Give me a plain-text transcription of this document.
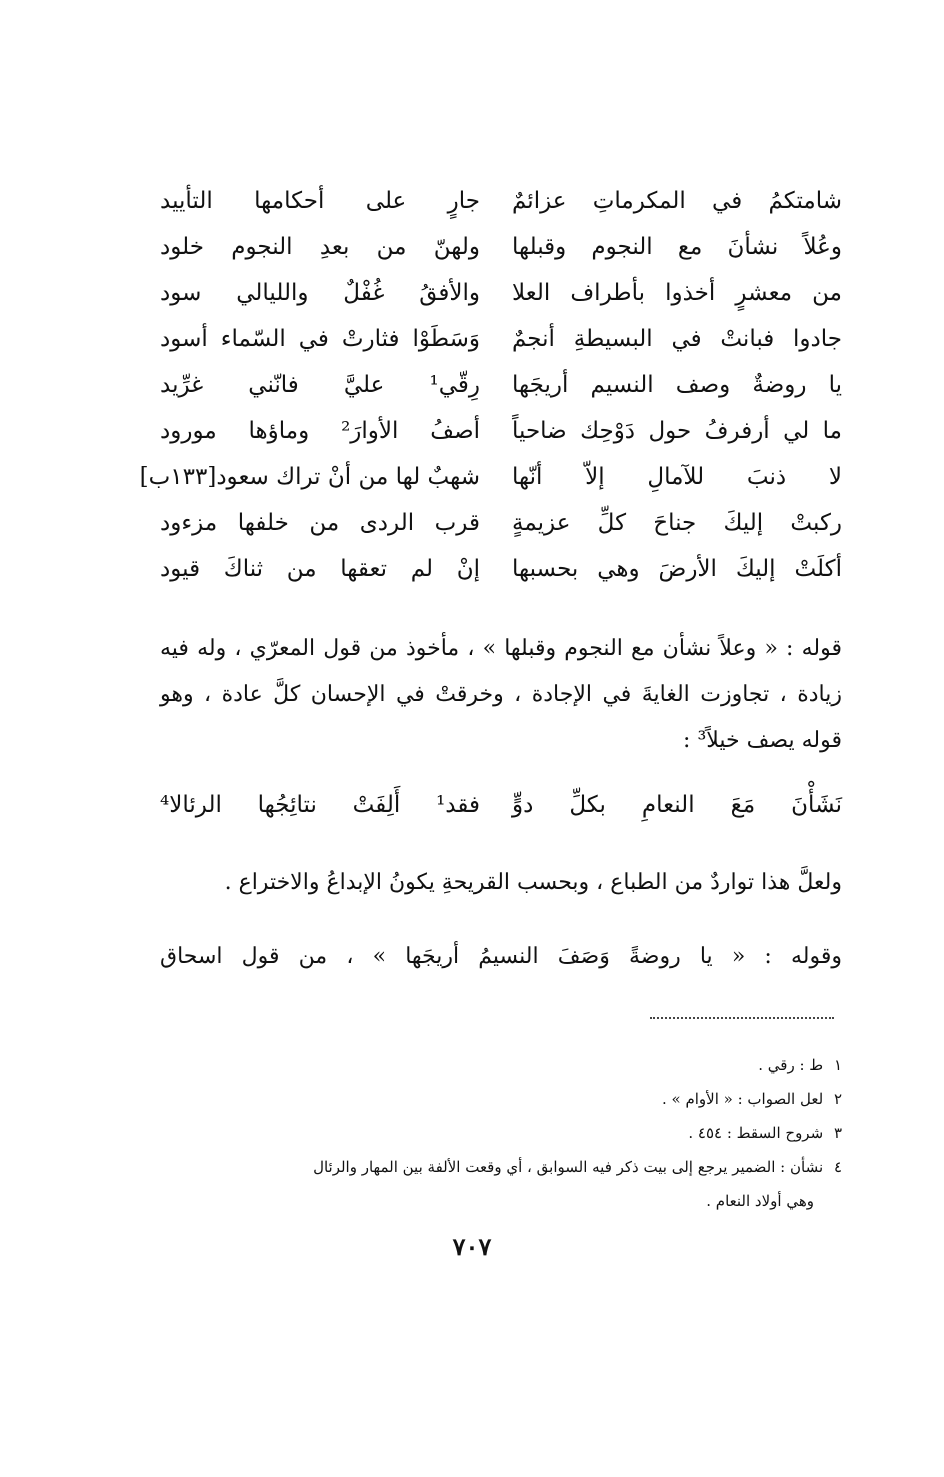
شامتكمُ في المكرماتِ عزائمٌ
جارٍ على أحكامها التأييد
وعُلاً نشأنَ مع النجوم وقبلها
ولهنّ من بعدِ النجوم خلود
من معشرٍ أخذوا بأطراف العلا
والأفقُ غُفْلٌ والليالي سود
جادوا فبانتْ في البسيطةِ أنجمٌ
وَسَطَوْا فثارتْ في السّماء أسود
يا روضةٌ وصف النسيم أريجَها
رِقّي¹ عليَّ فانّني غرِّيد
ما لي أرفرفُ حول دَوْحِك ضاحياً
أصفُ الأوارَ² وماؤها مورود
لا ذنبَ للآمالِ إلاّ أنّها
شهبٌ لها من أنْ تراك سعود[١٣٣ب]
ركبتْ إليكَ جناحَ كلِّ عزيمةٍ
قرب الردى من خلفها مزءود
أكلَتْ إليكَ الأرضَ وهي بحسبها
إنْ لم تعقها من ثناكَ قيود
قوله : « وعلاً نشأن مع النجوم وقبلها » ، مأخوذ من قول المعرّي ، وله فيه زيادة ، تجاوزت الغايةَ في الإجادة ، وخرقتْ في الإحسان كلَّ عادة ، وهو قوله يصف خيلاً³ :
نَشَأْنَ مَعَ النعامِ بكلِّ دوٍّ
فقد¹ أَلِفَتْ نتائِجُها الرئالا⁴
ولعلَّ هذا تواردٌ من الطباع ، وبحسب القريحةِ يكونُ الإبداعُ والاختراع .
وقوله : « يا روضةً وَصَفَ النسيمُ أريجَها » ، من قول اسحاق
١ ط : رقي .
٢ لعل الصواب : « الأوام » .
٣ شروح السقط : ٤٥٤ .
٤ نشأن : الضمير يرجع إلى بيت ذكر فيه السوابق ، أي وقعت الألفة بين المهار والرئال
وهي أولاد النعام .
٧٠٧
